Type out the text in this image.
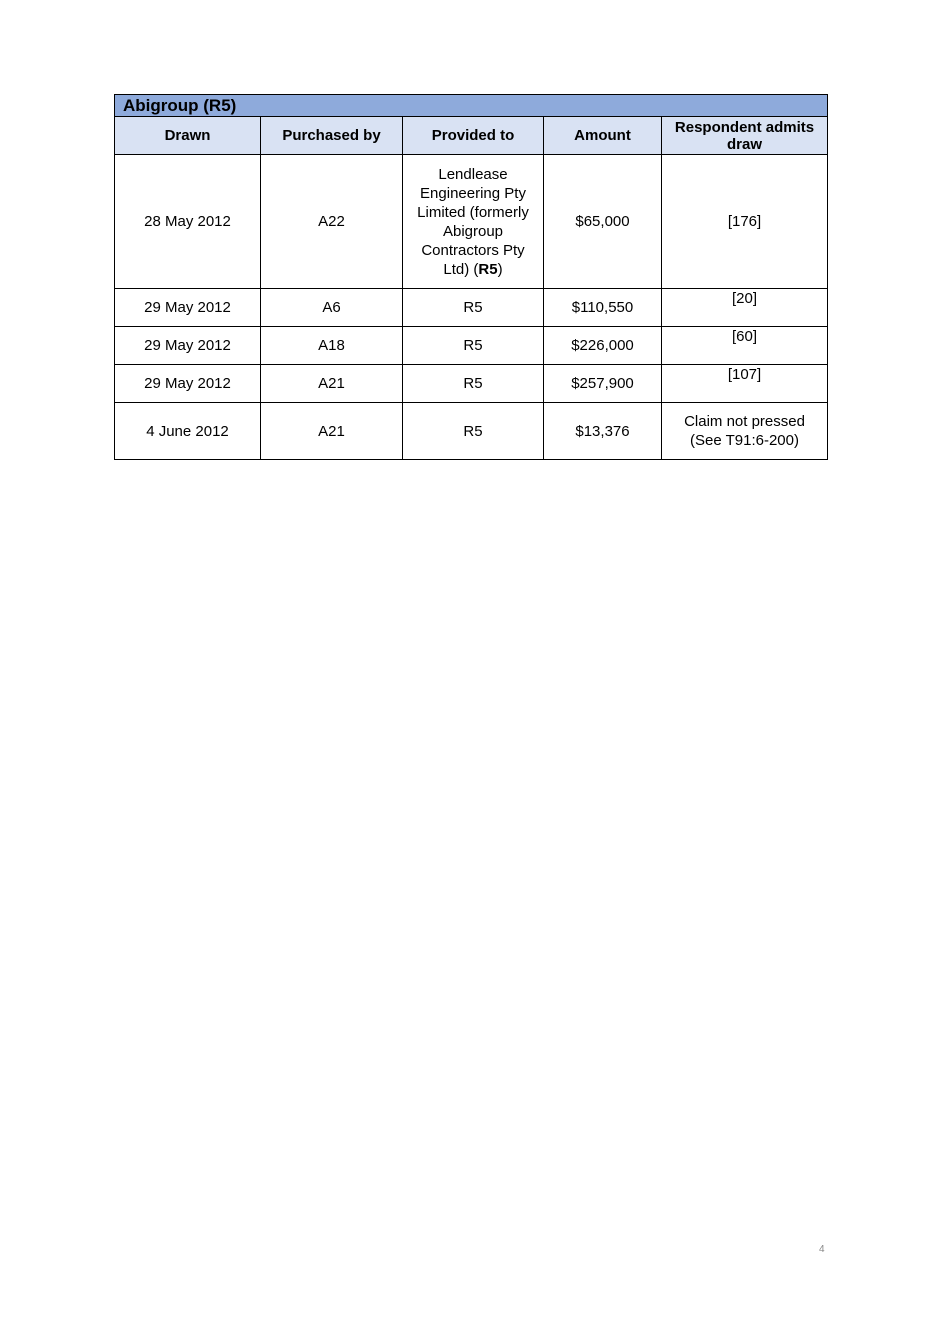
Abigroup (R5)				
Drawn	Purchased by	Provided to	Amount	Respondent admits draw
28 May 2012	A22	Lendlease Engineering Pty Limited (formerly Abigroup Contractors Pty Ltd) (R5)	$65,000	[176]
29 May 2012	A6	R5	$110,550	[20]
29 May 2012	A18	R5	$226,000	[60]
29 May 2012	A21	R5	$257,900	[107]
4 June 2012	A21	R5	$13,376	Claim not pressed (See T91:6-200)
4
